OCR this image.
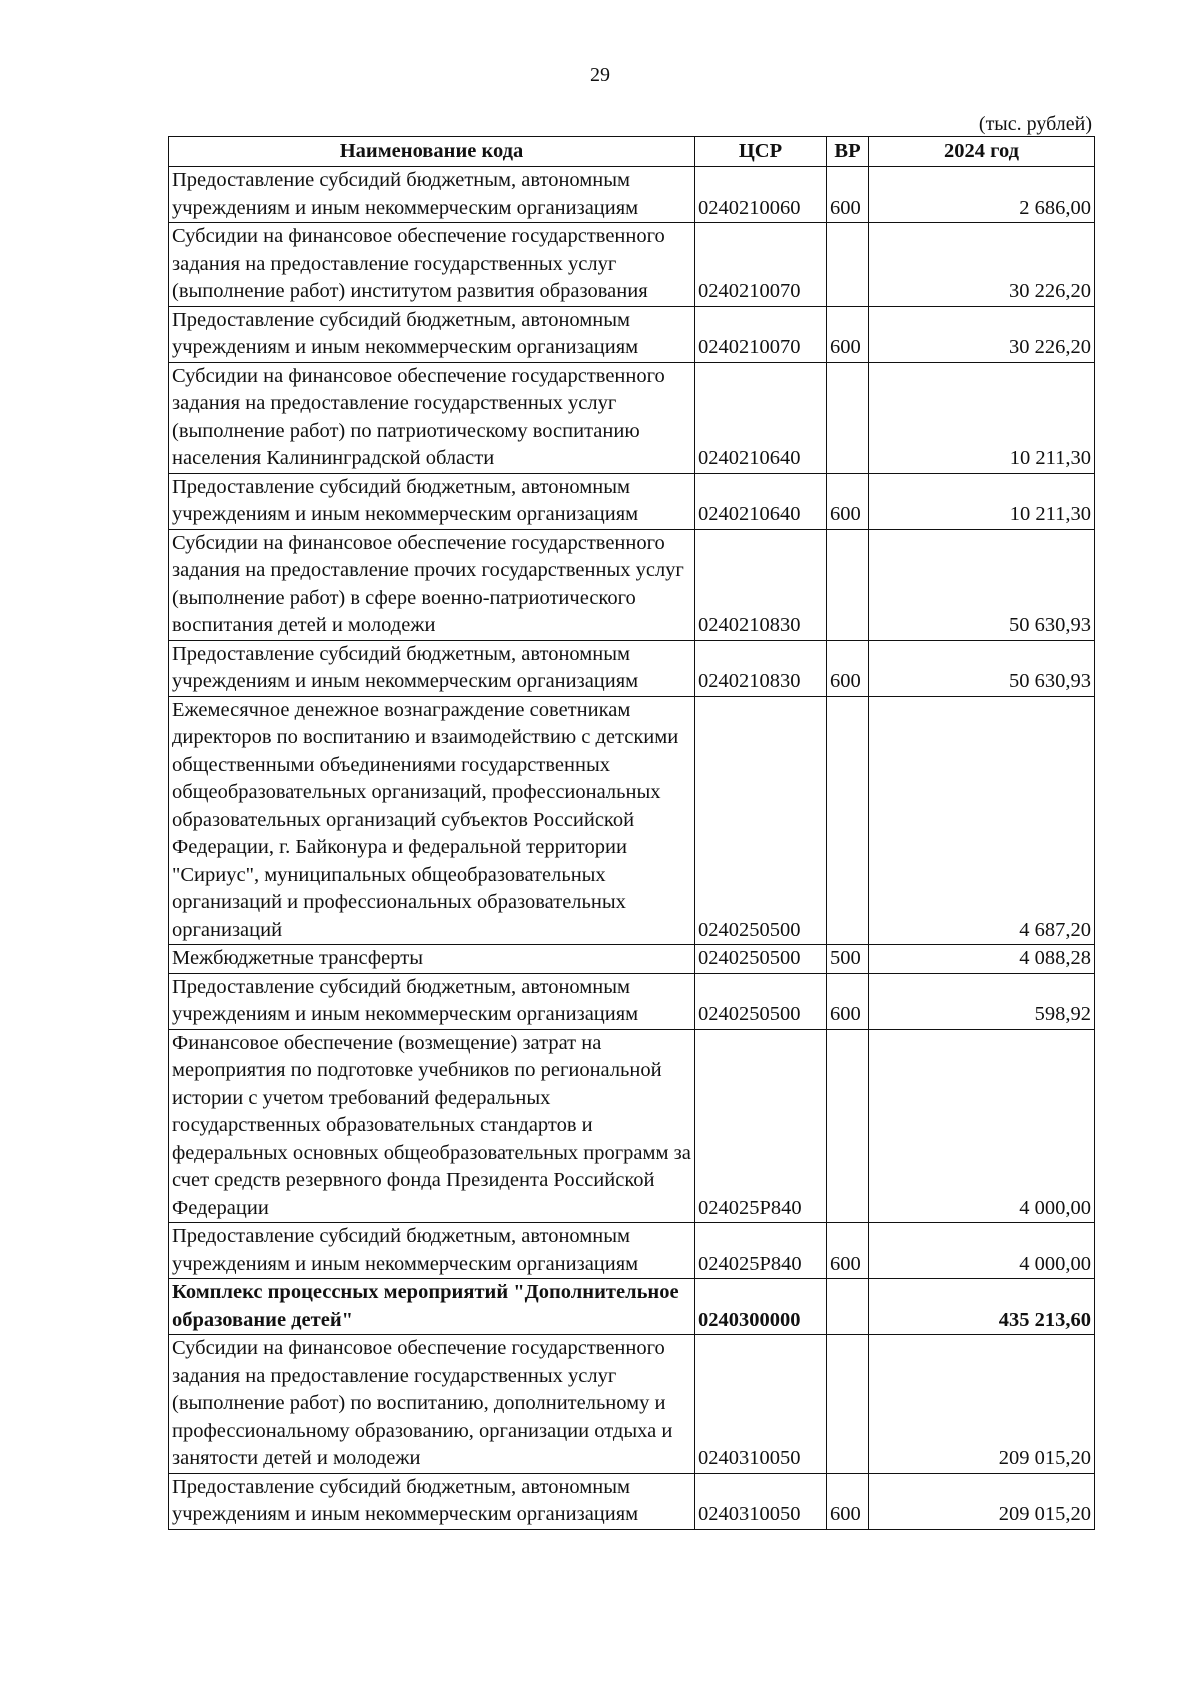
29
(тыс. рублей)
Наименование кода	ЦСР	ВР	2024 год
Предоставление субсидий бюджетным, автономным учреждениям и иным некоммерческим организациям	0240210060	600	2 686,00
Субсидии на финансовое обеспечение государственного задания на предоставление государственных услуг (выполнение работ) институтом развития образования	0240210070		30 226,20
Предоставление субсидий бюджетным, автономным учреждениям и иным некоммерческим организациям	0240210070	600	30 226,20
Субсидии на финансовое обеспечение государственного задания на предоставление государственных услуг (выполнение работ) по патриотическому воспитанию населения Калининградской области	0240210640		10 211,30
Предоставление субсидий бюджетным, автономным учреждениям и иным некоммерческим организациям	0240210640	600	10 211,30
Субсидии на финансовое обеспечение государственного задания на предоставление прочих государственных услуг (выполнение работ) в сфере военно-патриотического воспитания детей и молодежи	0240210830		50 630,93
Предоставление субсидий бюджетным, автономным учреждениям и иным некоммерческим организациям	0240210830	600	50 630,93
Ежемесячное денежное вознаграждение советникам директоров по воспитанию и взаимодействию с детскими общественными объединениями государственных общеобразовательных организаций, профессиональных образовательных организаций субъектов Российской Федерации, г. Байконура и федеральной территории "Сириус", муниципальных общеобразовательных организаций и профессиональных образовательных организаций	0240250500		4 687,20
Межбюджетные трансферты	0240250500	500	4 088,28
Предоставление субсидий бюджетным, автономным учреждениям и иным некоммерческим организациям	0240250500	600	598,92
Финансовое обеспечение (возмещение) затрат на мероприятия по подготовке учебников по региональной истории с учетом требований федеральных государственных образовательных стандартов и федеральных основных общеобразовательных программ за счет средств резервного фонда Президента Российской Федерации	024025Р840		4 000,00
Предоставление субсидий бюджетным, автономным учреждениям и иным некоммерческим организациям	024025Р840	600	4 000,00
Комплекс процессных мероприятий "Дополнительное образование детей"	0240300000		435 213,60
Субсидии на финансовое обеспечение государственного задания на предоставление государственных услуг (выполнение работ) по воспитанию, дополнительному и профессиональному образованию, организации отдыха и занятости детей и молодежи	0240310050		209 015,20
Предоставление субсидий бюджетным, автономным учреждениям и иным некоммерческим организациям	0240310050	600	209 015,20
